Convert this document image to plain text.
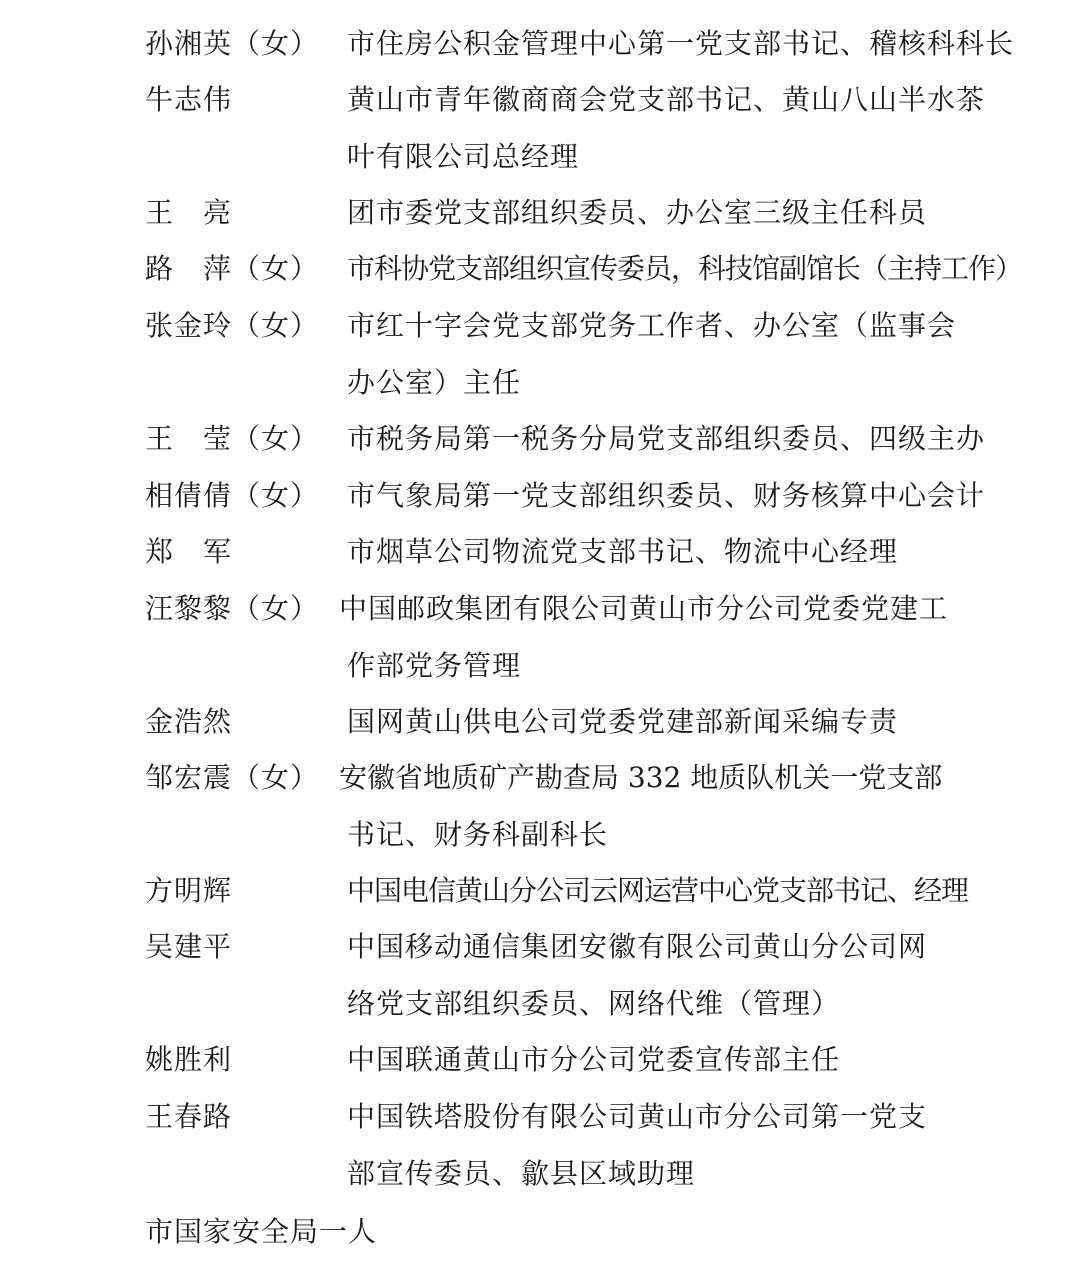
孙湘英（女） 市住房公积金管理中心第一党支部书记、稽核科科长
牛志伟	黄山市青年徽商商会党支部书记、黄山八山半水茶
叶有限公司总经理
王　亮	团市委党支部组织委员、办公室三级主任科员
路　萍（女） 市科协党支部组织宣传委员，科技馆副馆长（主持工作）
张金玲（女） 市红十字会党支部党务工作者、办公室（监事会
办公室）主任
王　莹（女） 市税务局第一税务分局党支部组织委员、四级主办
相倩倩（女） 市气象局第一党支部组织委员、财务核算中心会计
郑　军	市烟草公司物流党支部书记、物流中心经理
汪黎黎（女） 中国邮政集团有限公司黄山市分公司党委党建工
作部党务管理
金浩然	国网黄山供电公司党委党建部新闻采编专责
邹宏震（女） 安徽省地质矿产勘查局 332 地质队机关一党支部
书记、财务科副科长
方明辉	中国电信黄山分公司云网运营中心党支部书记、经理
吴建平	中国移动通信集团安徽有限公司黄山分公司网
络党支部组织委员、网络代维（管理）
姚胜利	中国联通黄山市分公司党委宣传部主任
王春路	中国铁塔股份有限公司黄山市分公司第一党支
部宣传委员、歙县区域助理
市国家安全局一人
